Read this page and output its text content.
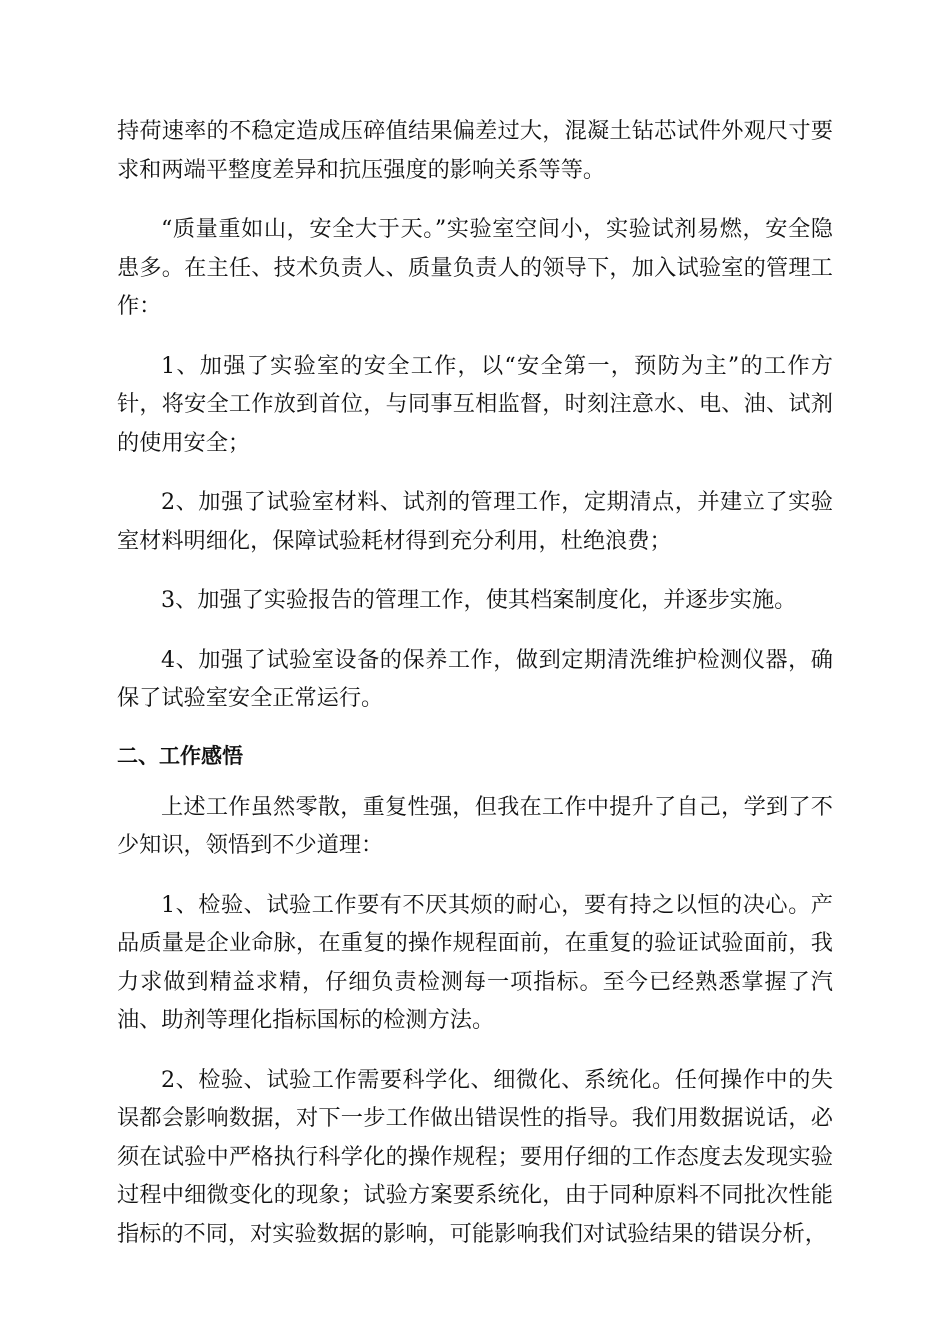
持荷速率的不稳定造成压碎值结果偏差过大，混凝土钻芯试件外观尺寸要求和两端平整度差异和抗压强度的影响关系等等。

“质量重如山，安全大于天。”实验室空间小，实验试剂易燃，安全隐患多。在主任、技术负责人、质量负责人的领导下，加入试验室的管理工作：

1、加强了实验室的安全工作，以“安全第一，预防为主”的工作方针，将安全工作放到首位，与同事互相监督，时刻注意水、电、油、试剂的使用安全；

2、加强了试验室材料、试剂的管理工作，定期清点，并建立了实验室材料明细化，保障试验耗材得到充分利用，杜绝浪费；

3、加强了实验报告的管理工作，使其档案制度化，并逐步实施。

4、加强了试验室设备的保养工作，做到定期清洗维护检测仪器，确保了试验室安全正常运行。

二、工作感悟

上述工作虽然零散，重复性强，但我在工作中提升了自己，学到了不少知识，领悟到不少道理：

1、检验、试验工作要有不厌其烦的耐心，要有持之以恒的决心。产品质量是企业命脉，在重复的操作规程面前，在重复的验证试验面前，我力求做到精益求精，仔细负责检测每一项指标。至今已经熟悉掌握了汽油、助剂等理化指标国标的检测方法。

2、检验、试验工作需要科学化、细微化、系统化。任何操作中的失误都会影响数据，对下一步工作做出错误性的指导。我们用数据说话，必须在试验中严格执行科学化的操作规程；要用仔细的工作态度去发现实验过程中细微变化的现象；试验方案要系统化，由于同种原料不同批次性能指标的不同，对实验数据的影响，可能影响我们对试验结果的错误分析，
